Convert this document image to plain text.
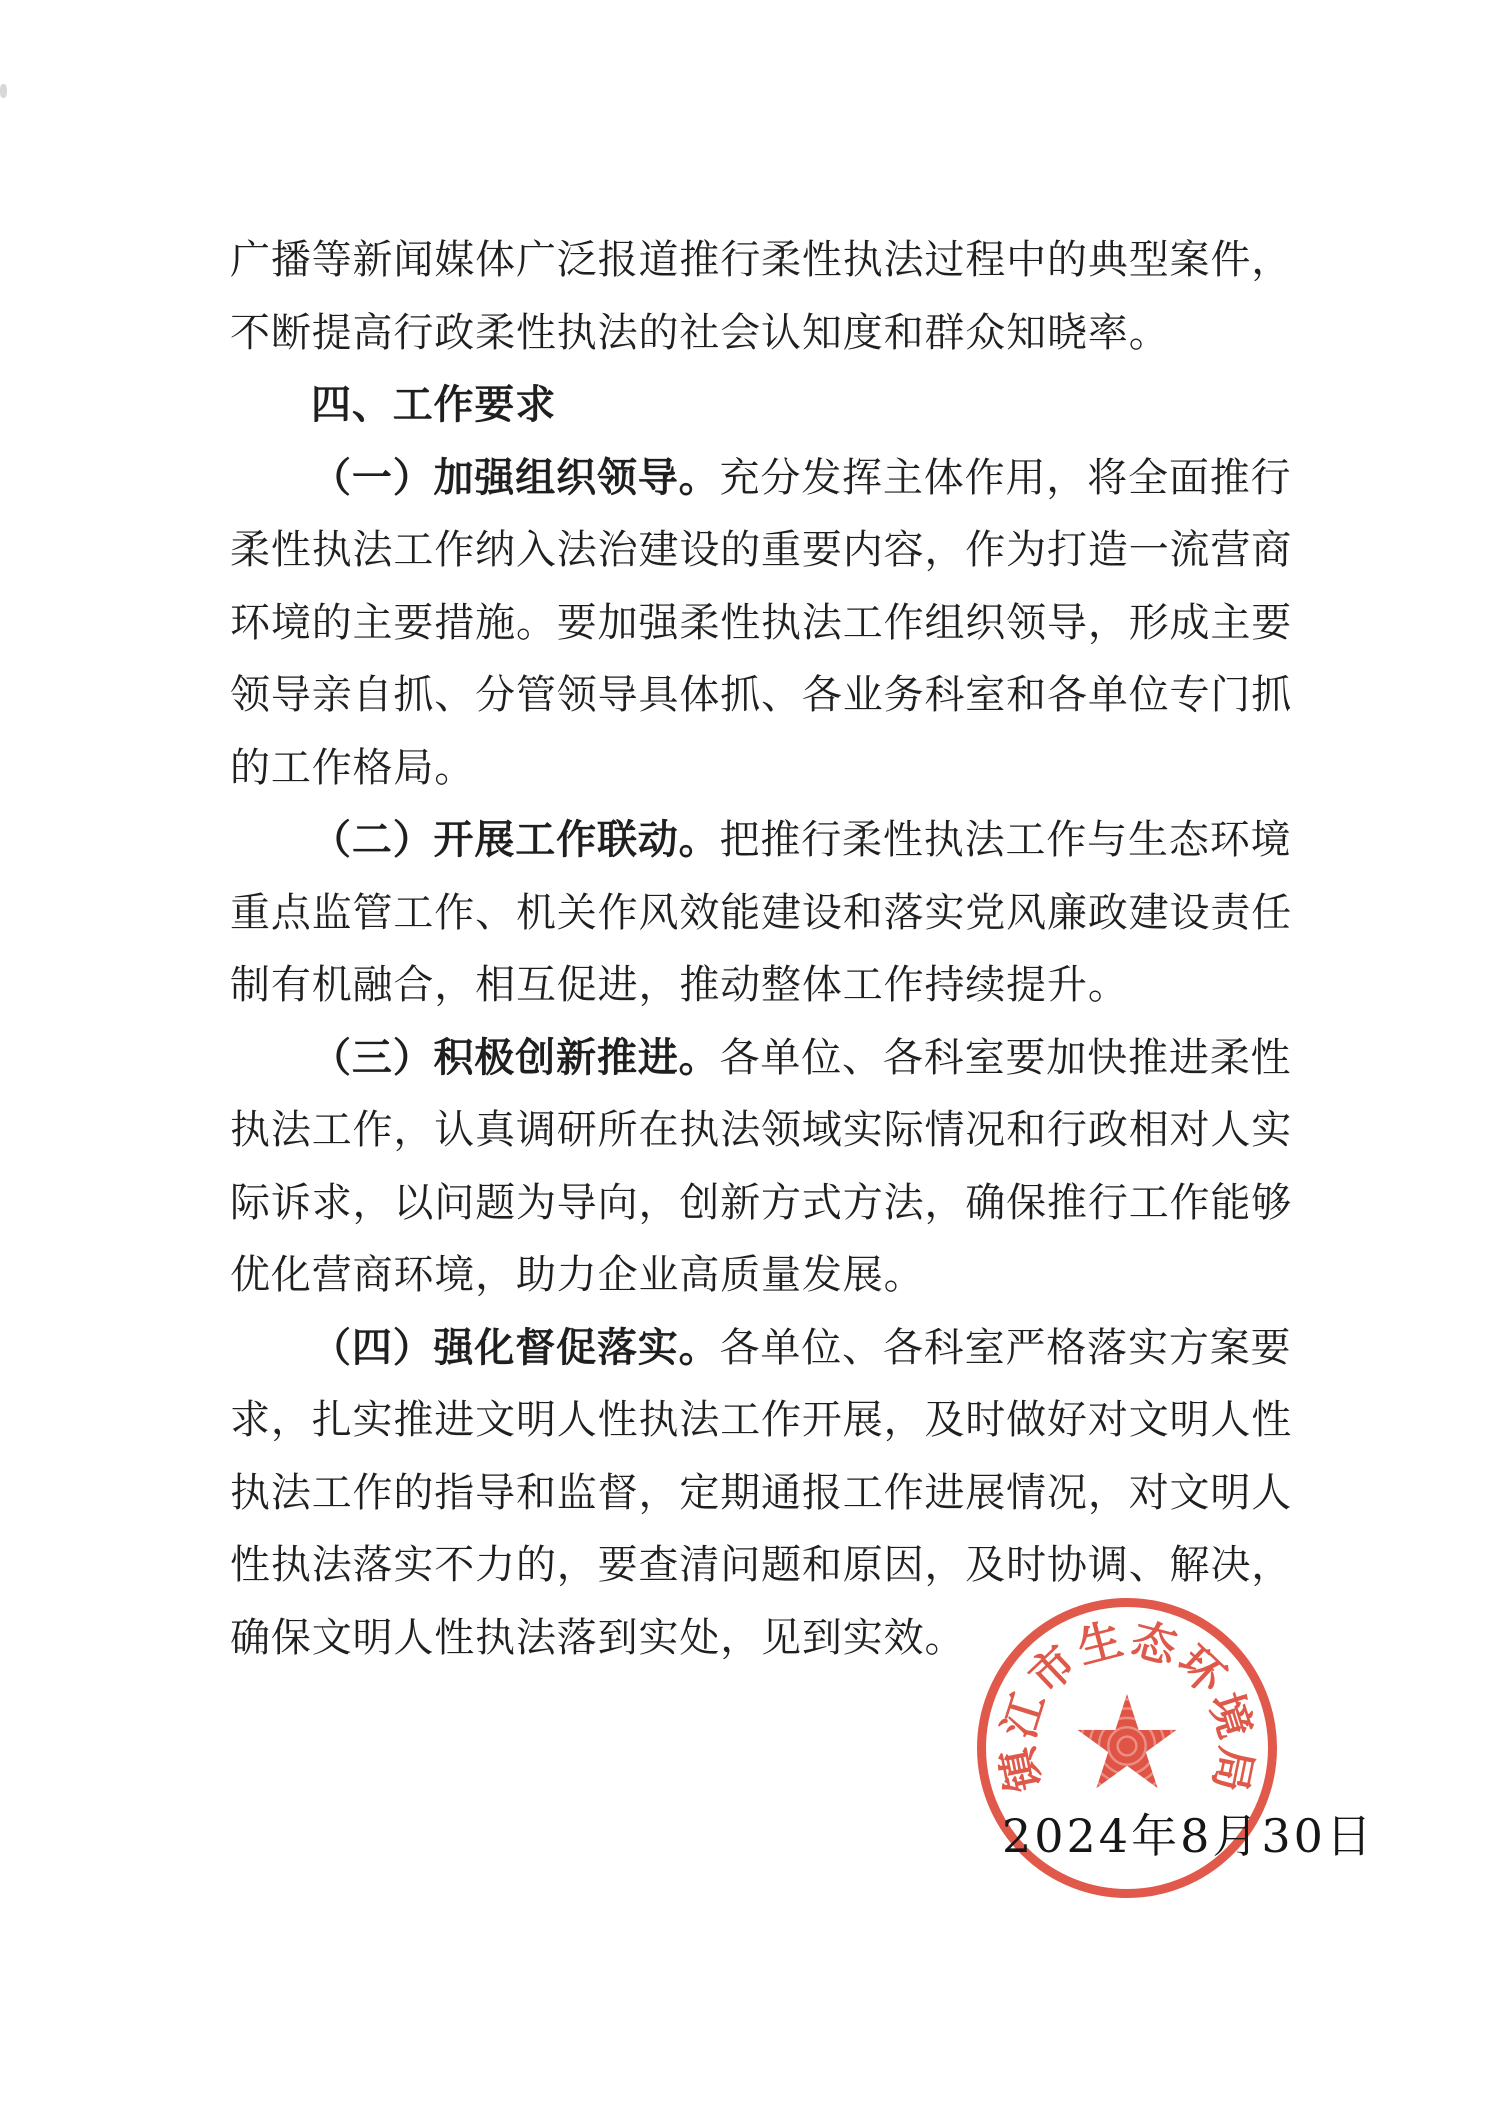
广播等新闻媒体广泛报道推行柔性执法过程中的典型案件，
不断提高行政柔性执法的社会认知度和群众知晓率。
四、工作要求
（一）加强组织领导。充分发挥主体作用，将全面推行
柔性执法工作纳入法治建设的重要内容，作为打造一流营商
环境的主要措施。要加强柔性执法工作组织领导，形成主要
领导亲自抓、分管领导具体抓、各业务科室和各单位专门抓
的工作格局。
（二）开展工作联动。把推行柔性执法工作与生态环境
重点监管工作、机关作风效能建设和落实党风廉政建设责任
制有机融合，相互促进，推动整体工作持续提升。
（三）积极创新推进。各单位、各科室要加快推进柔性
执法工作，认真调研所在执法领域实际情况和行政相对人实
际诉求，以问题为导向，创新方式方法，确保推行工作能够
优化营商环境，助力企业高质量发展。
（四）强化督促落实。各单位、各科室严格落实方案要
求，扎实推进文明人性执法工作开展，及时做好对文明人性
执法工作的指导和监督，定期通报工作进展情况，对文明人
性执法落实不力的，要查清问题和原因，及时协调、解决，
确保文明人性执法落到实处，见到实效。
镇
江
市
生
态
环
境
局
2024年8月30日
